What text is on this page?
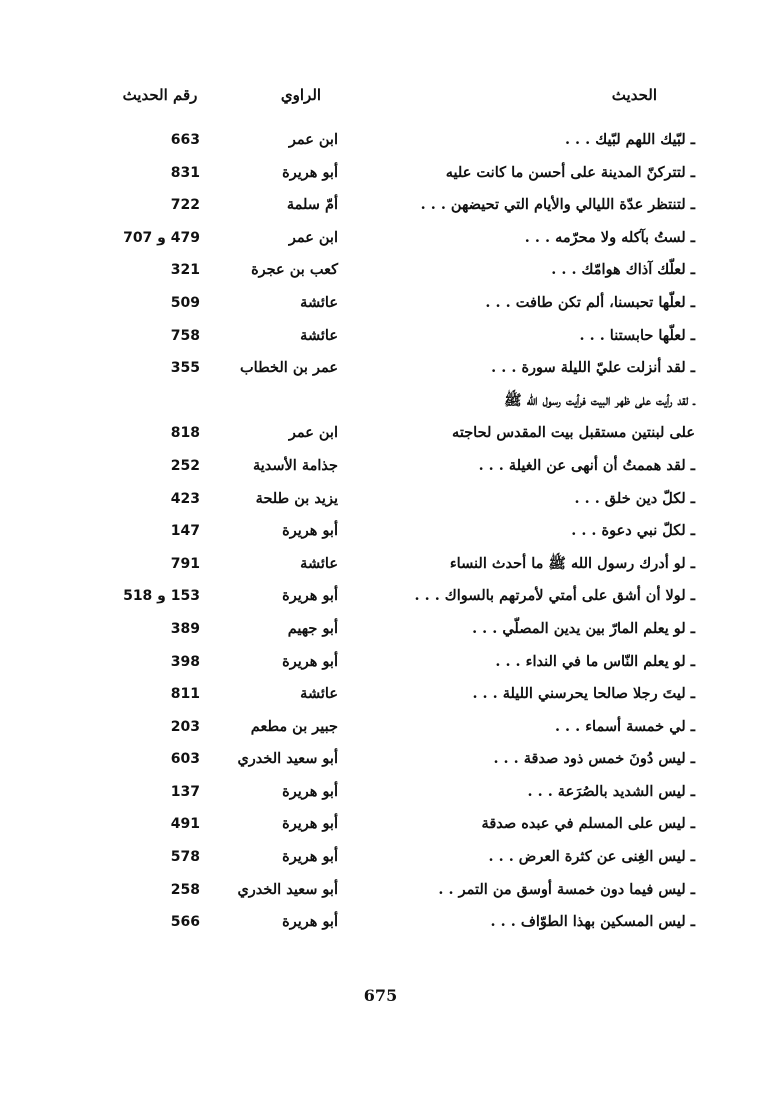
الحديث
الراوي
رقم الحديث
ـ لبّيك اللهم لبّيك . . .
ابن عمر
663
ـ لتتركنّ المدينة على أحسن ما كانت عليه
أبو هريرة
831
ـ لتنتظر عدّة الليالي والأيام التي تحيضهن . . .
أمّ سلمة
722
ـ لستُ بآكله ولا محرّمه . . .
ابن عمر
479 و 707
ـ لعلّك آذاك هوامّك . . .
كعب بن عجرة
321
ـ لعلّها تحبسنا، ألم تكن طافت . . .
عائشة
509
ـ لعلّها حابستنا . . .
عائشة
758
ـ لقد أنزلت عليّ الليلة سورة . . .
عمر بن الخطاب
355
ـ لقد رأيت على ظهر البيت فرأيت رسول الله ﷺ
على لبنتين مستقبل بيت المقدس لحاجته
ابن عمر
818
ـ لقد هممتُ أن أنهى عن الغيلة . . .
جذامة الأسدية
252
ـ لكلّ دين خلق . . .
يزيد بن طلحة
423
ـ لكلّ نبي دعوة . . .
أبو هريرة
147
ـ لو أدرك رسول الله ﷺ ما أحدث النساء
عائشة
791
ـ لولا أن أشق على أمتي لأمرتهم بالسواك . . .
أبو هريرة
153 و 518
ـ لو يعلم المارّ بين يدين المصلّي . . .
أبو جهيم
389
ـ لو يعلم النّاس ما في النداء . . .
أبو هريرة
398
ـ ليتَ رجلا صالحا يحرسني الليلة . . .
عائشة
811
ـ لي خمسة أسماء . . .
جبير بن مطعم
203
ـ ليس دُونَ خمس ذود صدقة . . .
أبو سعيد الخدري
603
ـ ليس الشديد بالصُرَعة . . .
أبو هريرة
137
ـ ليس على المسلم في عبده صدقة
أبو هريرة
491
ـ ليس الغِنى عن كثرة العرض . . .
أبو هريرة
578
ـ ليس فيما دون خمسة أوسق من التمر . .
أبو سعيد الخدري
258
ـ ليس المسكين بهذا الطوّاف . . .
أبو هريرة
566
675
